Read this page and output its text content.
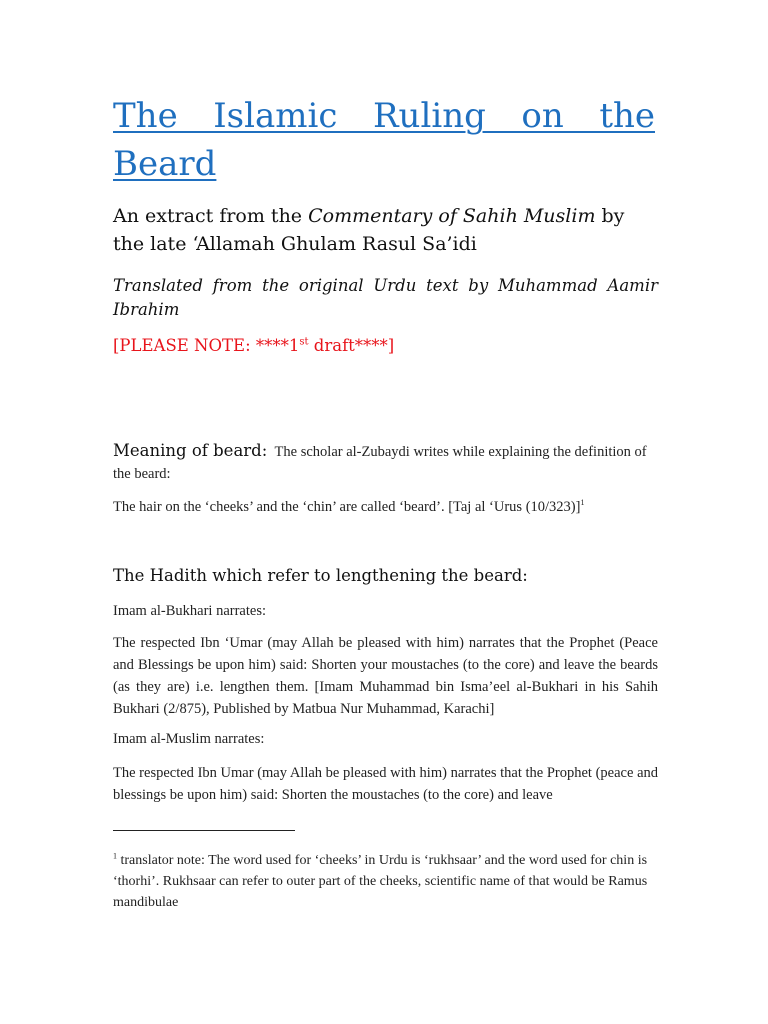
The Islamic Ruling on the Beard

An extract from the Commentary of Sahih Muslim by the late ‘Allamah Ghulam Rasul Sa’idi

Translated from the original Urdu text by Muhammad Aamir Ibrahim

[PLEASE NOTE: ****1st draft****]

Meaning of beard: The scholar al-Zubaydi writes while explaining the definition of the beard:

The hair on the ‘cheeks’ and the ‘chin’ are called ‘beard’. [Taj al ‘Urus (10/323)]$^1$

The Hadith which refer to lengthening the beard:

Imam al-Bukhari narrates:

The respected Ibn ‘Umar (may Allah be pleased with him) narrates that the Prophet (Peace and Blessings be upon him) said: Shorten your moustaches (to the core) and leave the beards (as they are) i.e. lengthen them. [Imam Muhammad bin Isma’eel al-Bukhari in his Sahih Bukhari (2/875), Published by Matbua Nur Muhammad, Karachi]

Imam al-Muslim narrates:

The respected Ibn Umar (may Allah be pleased with him) narrates that the Prophet (peace and blessings be upon him) said: Shorten the moustaches (to the core) and leave

$^1$ translator note: The word used for ‘cheeks’ in Urdu is ‘rukhsaar’ and the word used for chin is ‘thorhi’. Rukhsaar can refer to outer part of the cheeks, scientific name of that would be Ramus mandibulae
